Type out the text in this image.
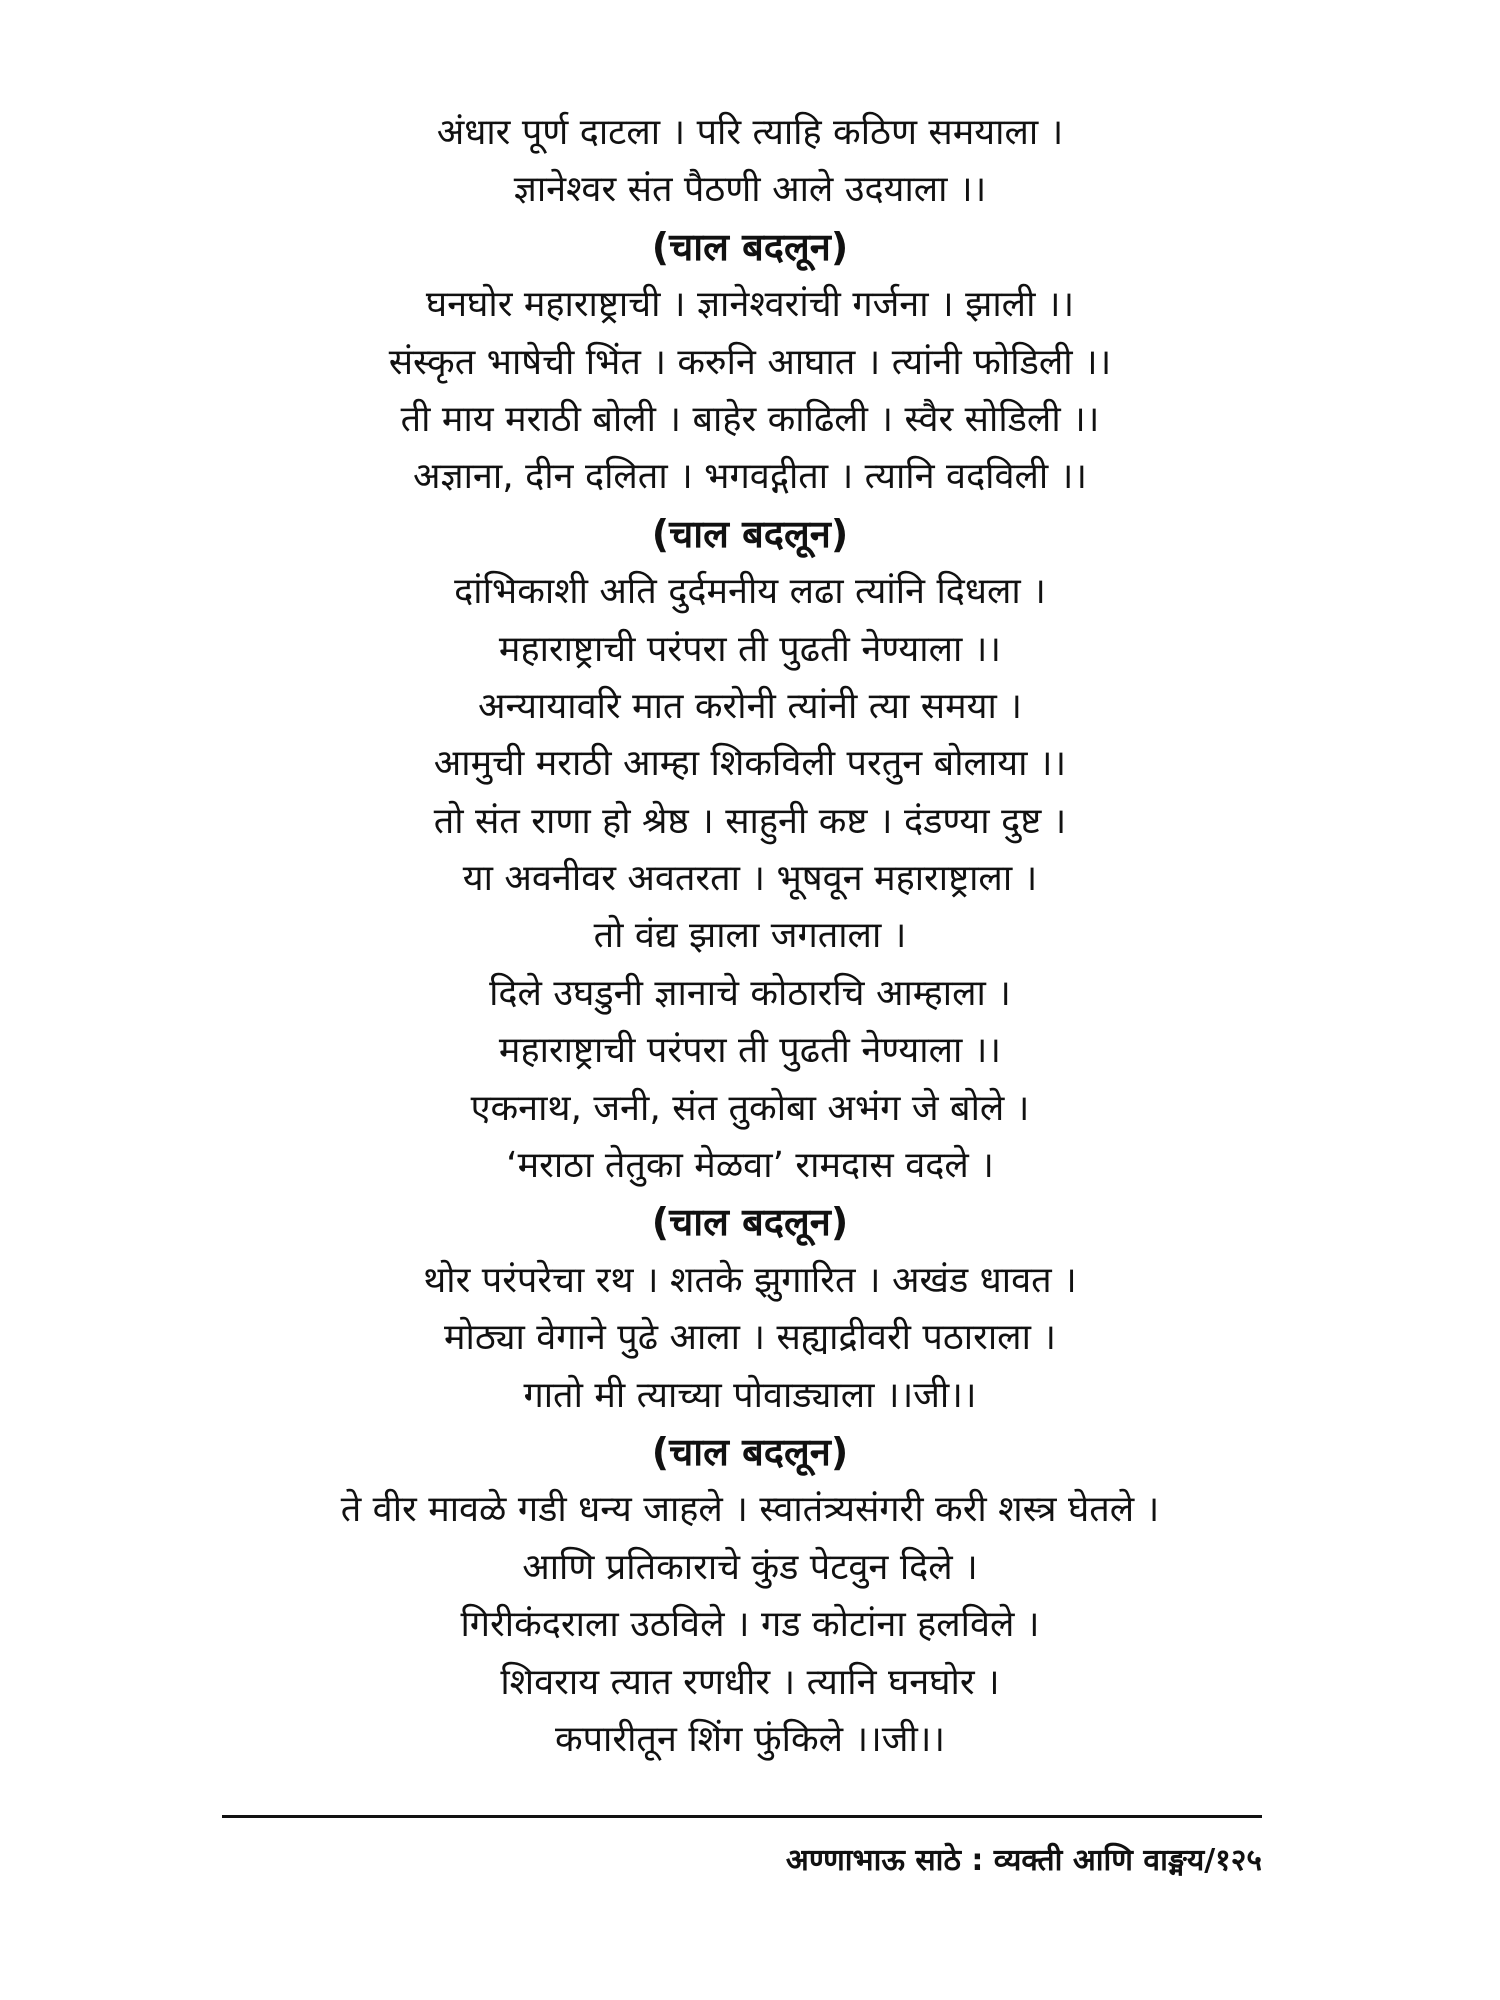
अंधार पूर्ण दाटला । परि त्याहि कठिण समयाला ।
ज्ञानेश्वर संत पैठणी आले उदयाला ।।
(चाल बदलून)
घनघोर महाराष्ट्राची । ज्ञानेश्वरांची गर्जना । झाली ।।
संस्कृत भाषेची भिंत । करुनि आघात । त्यांनी फोडिली ।।
ती माय मराठी बोली । बाहेर काढिली । स्वैर सोडिली ।।
अज्ञाना, दीन दलिता । भगवद्गीता । त्यानि वदविली ।।
(चाल बदलून)
दांभिकाशी अति दुर्दमनीय लढा त्यांनि दिधला ।
महाराष्ट्राची परंपरा ती पुढती नेण्याला ।।
अन्यायावरि मात करोनी त्यांनी त्या समया ।
आमुची मराठी आम्हा शिकविली परतुन बोलाया ।।
तो संत राणा हो श्रेष्ठ । साहुनी कष्ट । दंडण्या दुष्ट ।
या अवनीवर अवतरता । भूषवून महाराष्ट्राला ।
तो वंद्य झाला जगताला ।
दिले उघडुनी ज्ञानाचे कोठारचि आम्हाला ।
महाराष्ट्राची परंपरा ती पुढती नेण्याला ।।
एकनाथ, जनी, संत तुकोबा अभंग जे बोले ।
‘मराठा तेतुका मेळवा’ रामदास वदले ।
(चाल बदलून)
थोर परंपरेचा रथ । शतके झुगारित । अखंड धावत ।
मोठ्या वेगाने पुढे आला । सह्याद्रीवरी पठाराला ।
गातो मी त्याच्या पोवाड्याला ।।जी।।
(चाल बदलून)
ते वीर मावळे गडी धन्य जाहले । स्वातंत्र्यसंगरी करी शस्त्र घेतले ।
आणि प्रतिकाराचे कुंड पेटवुन दिले ।
गिरीकंदराला उठविले । गड कोटांना हलविले ।
शिवराय त्यात रणधीर । त्यानि घनघोर ।
कपारीतून शिंग फुंकिले ।।जी।।
अण्णाभाऊ साठे : व्यक्ती आणि वाङ्मय/१२५
